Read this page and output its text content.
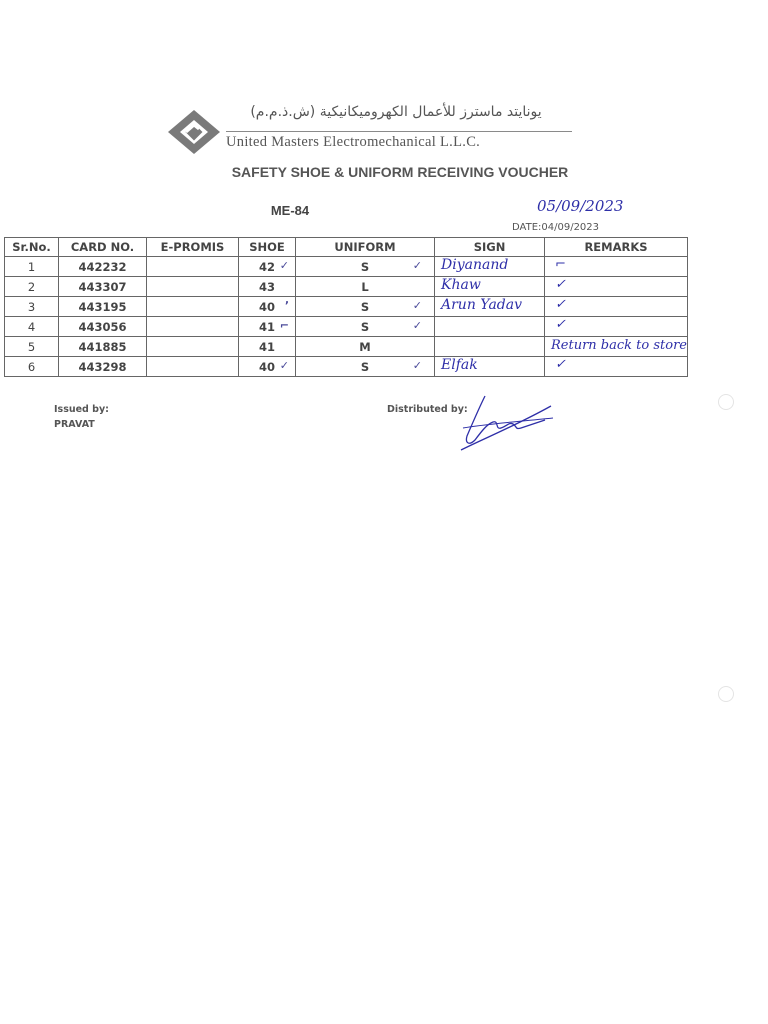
يونايتد ماسترز للأعمال الكهروميكانيكية (ش.ذ.م.م)
United Masters Electromechanical L.L.C.
SAFETY SHOE & UNIFORM RECEIVING VOUCHER
ME-84	05/09/2023
DATE:04/09/2023
Sr.No.	CARD NO.	E-PROMIS	SHOE	UNIFORM	SIGN	REMARKS
1	442232		42 ✓	S ✓	Diyanand	⌐

2	443307		43	L	Khaw	✓

3	443195		40 ʼ	S ✓	Arun Yadav	✓

4	443056		41 ⌐	S ✓		✓

5	441885		41	M		Return back to store

6	443298		40 ✓	S ✓	Elfak	✓
Issued by:
PRAVAT
Distributed by:
